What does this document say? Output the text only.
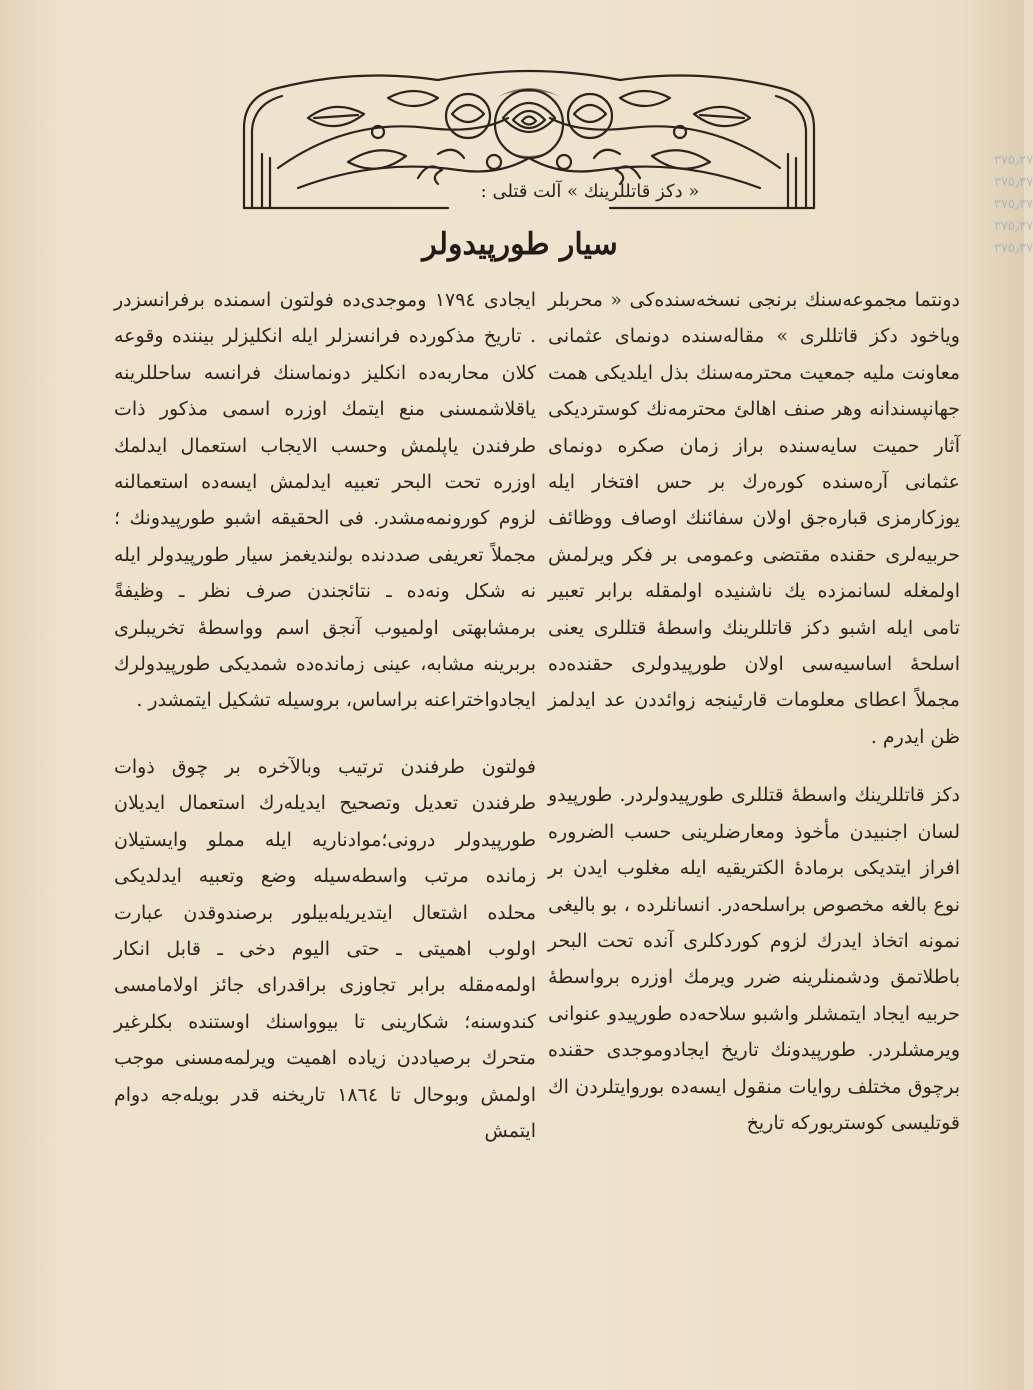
۳۷۵٫۲۷
۳۷۵٫۳۷
۳۷۵٫۳۷
۳۷۵٫۳۷
۳۷۵٫۳۷
« دکز قاتللرینك » آلت قتلی :
سیار طورپیدولر

دونتما مجموعه‌سنك برنجی نسخه‌سنده‌كی « محربلر وياخود دکز قاتللری » مقاله‌سنده دونمای عثمانی معاونت مليه جمعيت محترمه‌سنك بذل ايلديكی همت جهانپسندانه وهر صنف اهالئ محترمه‌نك كوستردیكی آثار حميت سايه‌سنده براز زمان صكره دونمای عثمانی آره‌سنده كوره‌رك بر حس افتخار ايله يوزكارمزی قباره‌جق اولان سفائنك اوصاف ووظائف حربيه‌لری حقنده مقتضی وعمومی بر فكر ويرلمش اولمغله لسانمزده يك ناشنيده اولمقله برابر تعبير تامی ايله اشبو دكز قاتللرينك واسطهٔ قتللری يعنی اسلحهٔ اساسيه‌سی اولان طورپيدولری حقنده‌ده مجملاً اعطای معلومات قارئينجه زوائددن عد ايدلمز ظن ايدرم .

دكز قاتللرينك واسطهٔ قتللری طورپيدولردر. طورپيدو لسان اجنبيدن مأخوذ ومعارضلرينی حسب الضروره افراز ايتديكی برمادهٔ الكتريقيه ايله مغلوب ايدن بر نوع بالغه مخصوص براسلحه‌در. انسانلرده ، بو بالیغی نمونه اتخاذ ايدرك لزوم كوردكلری آنده تحت البحر باطلاتمق ودشمنلرينه ضرر ويرمك اوزره برواسطهٔ حربيه ايجاد ايتمشلر واشبو سلاحه‌ده طورپيدو عنوانی ويرمشلردر. طورپيدونك تاريخ ايجادوموجدی حقنده برچوق مختلف روايات منقول ايسه‌ده بوروايتلردن اك قوتليسی كوستريوركه تاريخ

ايجادی ١٧٩٤ وموجدی‌ده فولتون اسمنده برفرانسزدر . تاريخ مذكورده فرانسزلر ايله انكليزلر بيننده وقوعه كلان محاربه‌ده انكليز دونماسنك فرانسه ساحللرينه ياقلاشمسنی منع ايتمك اوزره اسمی مذكور ذات طرفندن ياپلمش وحسب الايجاب استعمال ايدلمك اوزره تحت البحر تعبيه ايدلمش ايسه‌ده استعمالنه لزوم كورونمه‌مشدر. فی الحقيقه اشبو طورپيدونك ؛ مجملاً تعريفی صددنده بولنديغمز سيار طورپيدولر ايله نه شكل ونه‌ده ـ نتائجندن صرف نظر ـ وظيفةً برمشابهتی اولميوب آنجق اسم وواسطهٔ تخريبلری بربرينه مشابه، عينی زمانده‌ده شمديكی طورپيدولرك ايجادواختراعنه براساس، بروسيله تشكيل ايتمشدر .

فولتون طرفندن ترتيب وبالآخره بر چوق ذوات طرفندن تعديل وتصحيح ايديله‌رك استعمال ايديلان طورپيدولر درونی؛موادناريه ايله مملو وايستيلان زمانده مرتب واسطه‌سيله وضع وتعبيه ايدلديكی محلده اشتعال ايتديريله‌بيلور برصندوقدن عبارت اولوب اهميتی ـ حتی اليوم دخی ـ قابل انكار اولمه‌مقله برابر تجاوزی براقدرای جائز اولامامسی كندوسنه؛ شكارينی تا بيوواسنك اوستنده بكلرغير متحرك برصياددن زياده اهميت ويرلمه‌مسنی موجب اولمش وبوحال تا ١٨٦٤ تاريخنه قدر بويله‌جه دوام ايتمش
